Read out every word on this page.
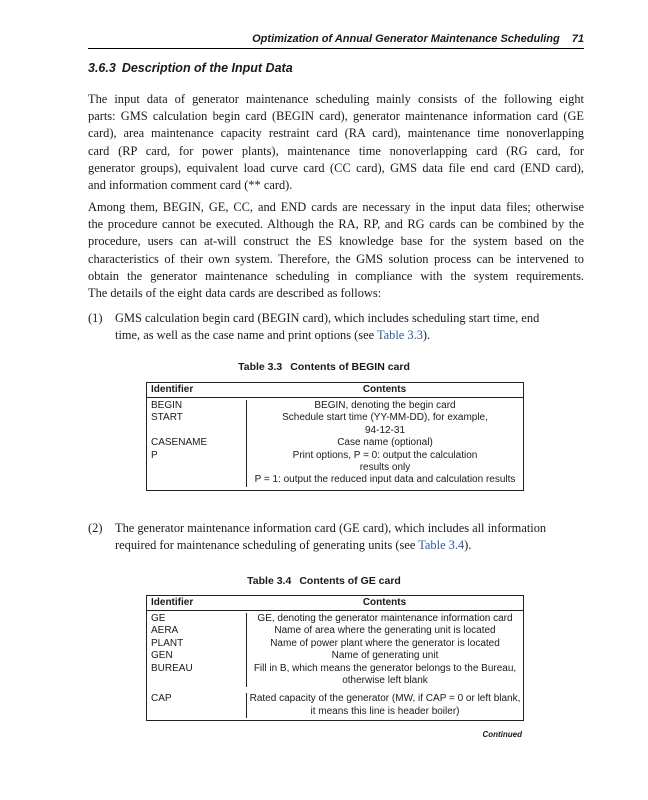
Optimization of Annual Generator Maintenance Scheduling 71
3.6.3 Description of the Input Data
The input data of generator maintenance scheduling mainly consists of the following eight
parts: GMS calculation begin card (BEGIN card), generator maintenance information card (GE
card), area maintenance capacity restraint card (RA card), maintenance time nonoverlapping
card (RP card, for power plants), maintenance time nonoverlapping card (RG card, for
generator groups), equivalent load curve card (CC card), GMS data file end card (END card),
and information comment card (** card).
Among them, BEGIN, GE, CC, and END cards are necessary in the input data files; otherwise
the procedure cannot be executed. Although the RA, RP, and RG cards can be combined by the
procedure, users can at-will construct the ES knowledge base for the system based on the
characteristics of their own system. Therefore, the GMS solution process can be intervened to
obtain the generator maintenance scheduling in compliance with the system requirements.
The details of the eight data cards are described as follows:
(1) GMS calculation begin card (BEGIN card), which includes scheduling start time, end
time, as well as the case name and print options (see Table 3.3).
Table 3.3 Contents of BEGIN card
Identifier	Contents
BEGIN	BEGIN, denoting the begin card
START	Schedule start time (YY-MM-DD), for example,
94-12-31
CASENAME	Case name (optional)
P	Print options, P = 0: output the calculation
results only
P = 1: output the reduced input data and calculation results
(2) The generator maintenance information card (GE card), which includes all information
required for maintenance scheduling of generating units (see Table 3.4).
Table 3.4 Contents of GE card
Identifier	Contents
GE	GE, denoting the generator maintenance information card
AERA	Name of area where the generating unit is located
PLANT	Name of power plant where the generator is located
GEN	Name of generating unit
BUREAU	Fill in B, which means the generator belongs to the Bureau,
otherwise left blank
CAP	Rated capacity of the generator (MW, if CAP = 0 or left blank,
it means this line is header boiler)
Continued
